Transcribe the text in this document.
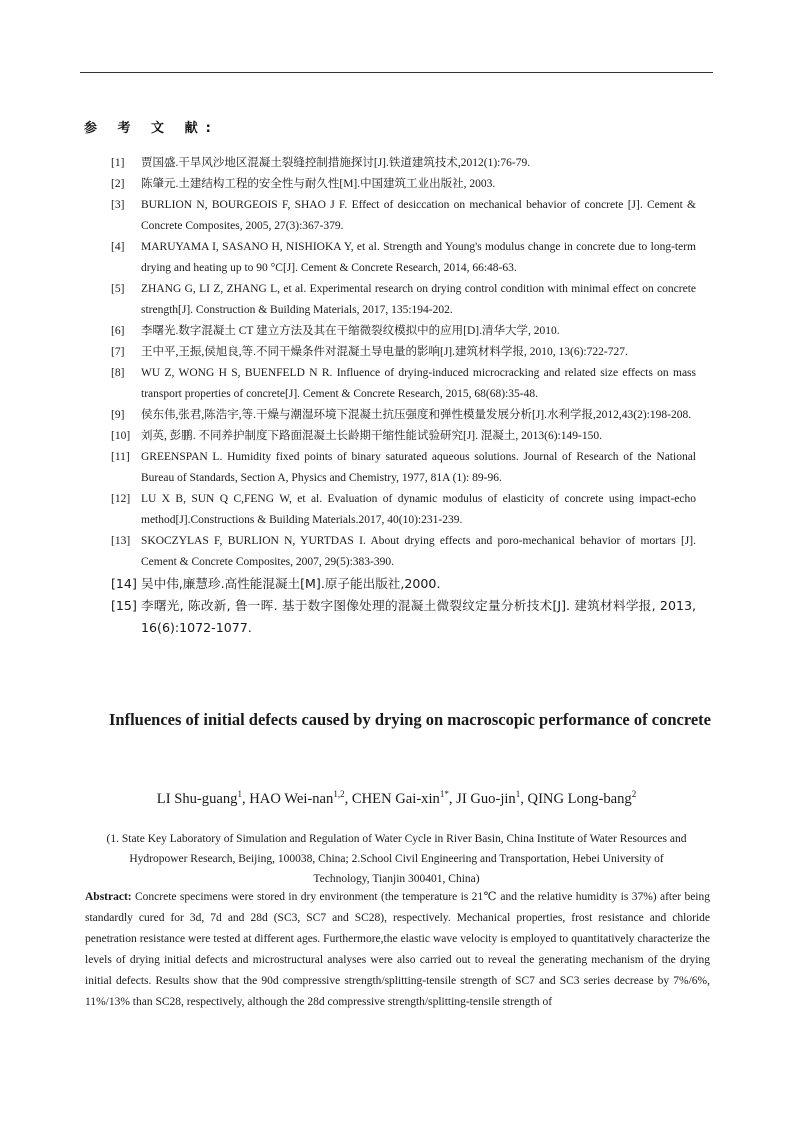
参 考 文 献:
[1] 贾国盛.干旱风沙地区混凝土裂缝控制措施探讨[J].铁道建筑技术,2012(1):76-79.
[2] 陈肇元.土建结构工程的安全性与耐久性[M].中国建筑工业出版社, 2003.
[3] BURLION N, BOURGEOIS F, SHAO J F. Effect of desiccation on mechanical behavior of concrete [J]. Cement & Concrete Composites, 2005, 27(3):367-379.
[4] MARUYAMA I, SASANO H, NISHIOKA Y, et al. Strength and Young's modulus change in concrete due to long-term drying and heating up to 90 °C[J]. Cement & Concrete Research, 2014, 66:48-63.
[5] ZHANG G, LI Z, ZHANG L, et al. Experimental research on drying control condition with minimal effect on concrete strength[J]. Construction & Building Materials, 2017, 135:194-202.
[6] 李曙光.数字混凝土 CT 建立方法及其在干缩微裂纹模拟中的应用[D].清华大学, 2010.
[7] 王中平,王振,侯旭良,等.不同干燥条件对混凝土导电量的影响[J].建筑材料学报, 2010, 13(6):722-727.
[8] WU Z, WONG H S, BUENFELD N R. Influence of drying-induced microcracking and related size effects on mass transport properties of concrete[J]. Cement & Concrete Research, 2015, 68(68):35-48.
[9] 侯东伟,张君,陈浩宇,等.干燥与潮湿环境下混凝土抗压强度和弹性模量发展分析[J].水利学报,2012,43(2):198-208.
[10] 刘英, 彭鹏. 不同养护制度下路面混凝土长龄期干缩性能试验研究[J]. 混凝土, 2013(6):149-150.
[11] GREENSPAN L. Humidity fixed points of binary saturated aqueous solutions. Journal of Research of the National Bureau of Standards, Section A, Physics and Chemistry, 1977, 81A (1): 89-96.
[12] LU X B, SUN Q C,FENG W, et al. Evaluation of dynamic modulus of elasticity of concrete using impact-echo method[J].Constructions & Building Materials.2017, 40(10):231-239.
[13] SKOCZYLAS F, BURLION N, YURTDAS I. About drying effects and poro-mechanical behavior of mortars [J]. Cement & Concrete Composites, 2007, 29(5):383-390.
[14] 吴中伟,廉慧珍.高性能混凝土[M].原子能出版社,2000.
[15] 李曙光, 陈改新, 鲁一晖. 基于数字图像处理的混凝土微裂纹定量分析技术[J]. 建筑材料学报, 2013, 16(6):1072-1077.
Influences of initial defects caused by drying on macroscopic performance of concrete
LI Shu-guang$^1$, HAO Wei-nan$^{1,2}$, CHEN Gai-xin$^{1*}$, JI Guo-jin$^1$, QING Long-bang$^2$
(1. State Key Laboratory of Simulation and Regulation of Water Cycle in River Basin, China Institute of Water Resources and Hydropower Research, Beijing, 100038, China; 2.School Civil Engineering and Transportation, Hebei University of Technology, Tianjin 300401, China)
Abstract: Concrete specimens were stored in dry environment (the temperature is 21℃ and the relative humidity is 37%) after being standardly cured for 3d, 7d and 28d (SC3, SC7 and SC28), respectively. Mechanical properties, frost resistance and chloride penetration resistance were tested at different ages. Furthermore,the elastic wave velocity is employed to quantitatively characterize the levels of drying initial defects and microstructural analyses were also carried out to reveal the generating mechanism of the drying initial defects. Results show that the 90d compressive strength/splitting-tensile strength of SC7 and SC3 series decrease by 7%/6%, 11%/13% than SC28, respectively, although the 28d compressive strength/splitting-tensile strength of
